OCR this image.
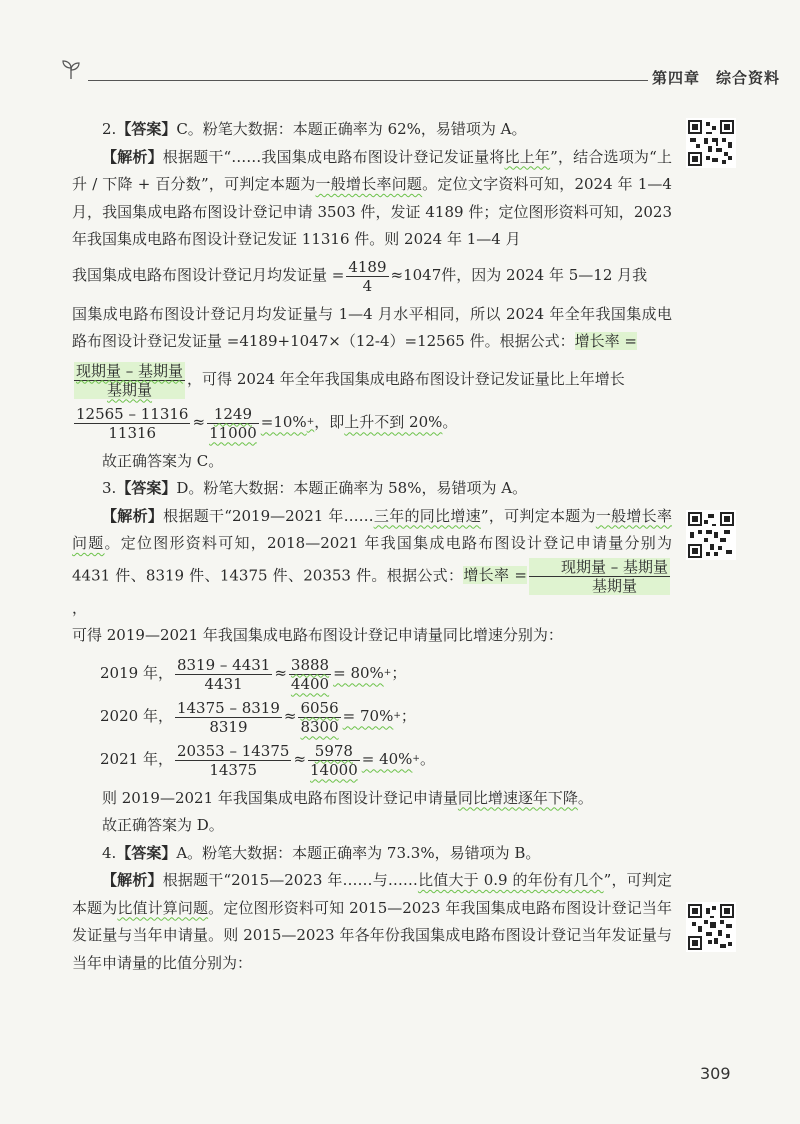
第四章　综合资料

2.【答案】C。粉笔大数据：本题正确率为 62%，易错项为 A。

【解析】根据题干“……我国集成电路布图设计登记发证量将比上年”，结合选项为“上升 / 下降 + 百分数”，可判定本题为一般增长率问题。定位文字资料可知，2024 年 1—4 月，我国集成电路布图设计登记申请 3503 件，发证 4189 件；定位图形资料可知，2023 年我国集成电路布图设计登记发证 11316 件。则 2024 年 1—4 月

我国集成电路布图设计登记月均发证量 = $\frac{4189}{4} \approx 1047$件，因为 2024 年 5—12 月我

国集成电路布图设计登记月均发证量与 1—4 月水平相同，所以 2024 年全年我国集成电路布图设计登记发证量 =4189+1047×（12-4）=12565 件。根据公式：增长率 =

$\frac{\text{现期量 – 基期量}}{\text{基期量}}$ ，可得 2024 年全年我国集成电路布图设计登记发证量比上年增长
$\frac{12565 - 11316}{11316} \approx \frac{1249}{11000} =10\%$ + ，即 上升不到 20% 。

故正确答案为 C。

3.【答案】D。粉笔大数据：本题正确率为 58%，易错项为 A。

【解析】根据题干“2019—2021 年……三年的同比增速”，可判定本题为一般增长率问题。定位图形资料可知，2018—2021 年我国集成电路布图设计登记申请量分别为 4431 件、8319 件、14375 件、20353 件。根据公式：增长率 = $\frac{\text{现期量 – 基期量}}{\text{基期量}}$
，

可得 2019—2021 年我国集成电路布图设计登记申请量同比增速分别为：

2019 年， $\frac{8319 - 4431}{4431} \approx \frac{3888}{4400} = 80\%$ + ；
2020 年， $\frac{14375 - 8319}{8319} \approx \frac{6056}{8300} = 70\%$ + ；
2021 年， $\frac{20353 - 14375}{14375} \approx \frac{5978}{14000} = 40\%$ + 。

则 2019—2021 年我国集成电路布图设计登记申请量同比增速逐年下降。

故正确答案为 D。

4.【答案】A。粉笔大数据：本题正确率为 73.3%，易错项为 B。

【解析】根据题干“2015—2023 年……与……比值大于 0.9 的年份有几个”，可判定本题为比值计算问题。定位图形资料可知 2015—2023 年我国集成电路布图设计登记当年发证量与当年申请量。则 2015—2023 年各年份我国集成电路布图设计登记当年发证量与当年申请量的比值分别为：

309
